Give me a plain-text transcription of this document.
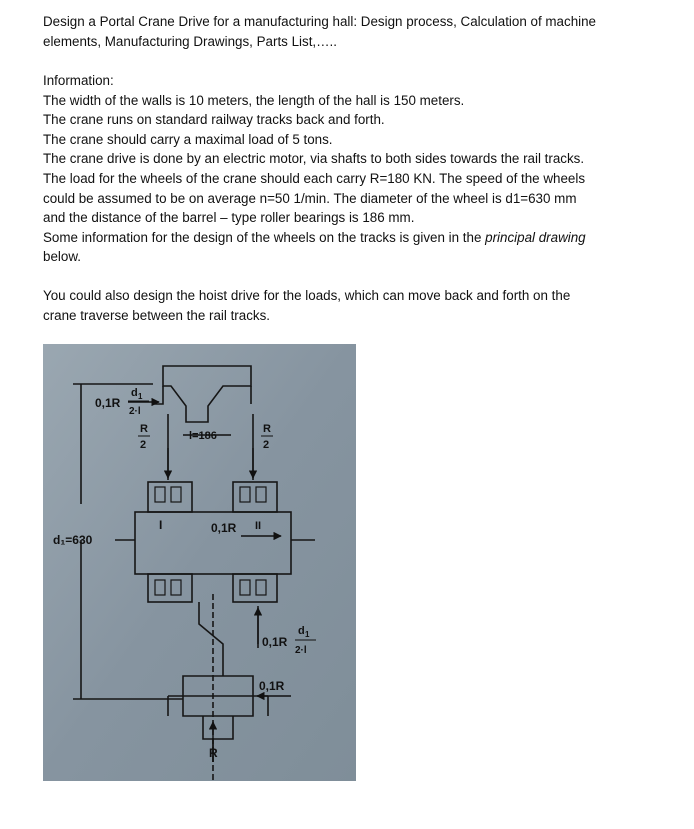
Design a Portal Crane Drive for a manufacturing hall: Design process, Calculation of machine

elements, Manufacturing Drawings, Parts List,…..

Information:

The width of the walls is 10 meters, the length of the hall is 150 meters.

The crane runs on standard railway tracks back and forth.

The crane should carry a maximal load of 5 tons.

The crane drive is done by an electric motor, via shafts to both sides towards the rail tracks.

The load for the wheels of the crane should each carry R=180 KN. The speed of the wheels

could be assumed to be on average n=50 1/min. The diameter of the wheel is d1=630 mm

and the distance of the barrel – type roller bearings is 186 mm.

Some information for the design of the wheels on the tracks is given in the principal drawing

below.

You could also design the hoist drive for the loads, which can move back and forth on the

crane traverse between the rail tracks.

0,1R
d 1
2·l
R
2
l=186
R
2
I	II
0,1R
d₁=630
0,1R
d 1
2·l
0,1R
R
